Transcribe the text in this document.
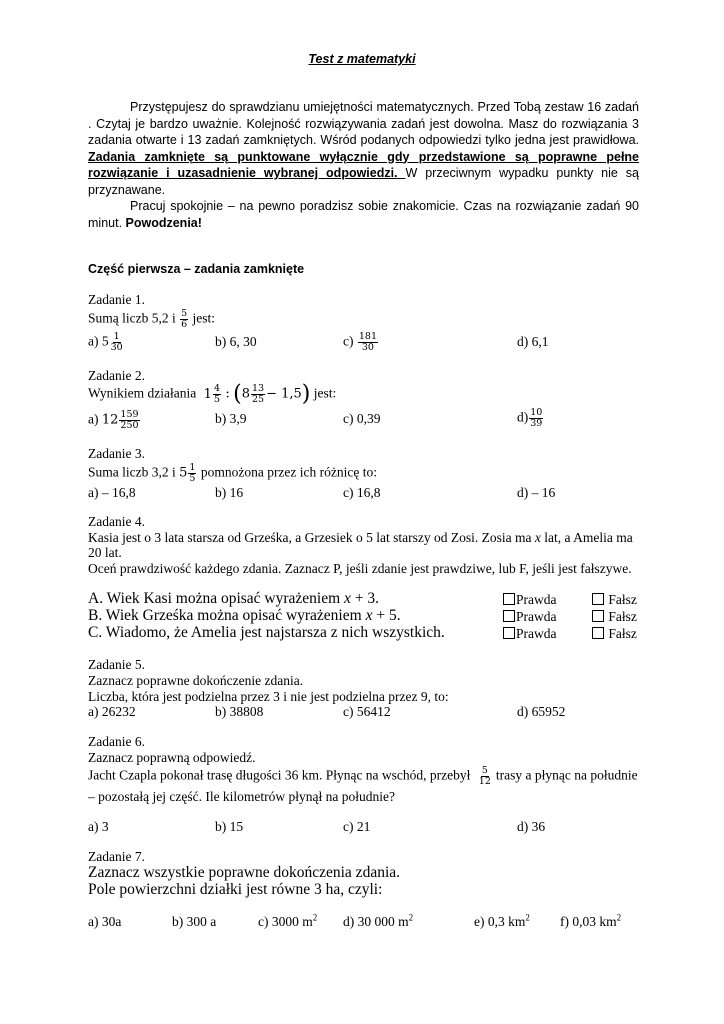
Test z matematyki

Przystępujesz do sprawdzianu umiejętności matematycznych. Przed Tobą zestaw 16 zadań . Czytaj je bardzo uważnie. Kolejność rozwiązywania zadań jest dowolna. Masz do rozwiązania 3 zadania otwarte i 13 zadań zamkniętych. Wśród podanych odpowiedzi tylko jedna jest prawidłowa. Zadania zamknięte są punktowane wyłącznie gdy przedstawione są poprawne pełne rozwiązanie i uzasadnienie wybranej odpowiedzi. W przeciwnym wypadku punkty nie są przyznawane.

Pracuj spokojnie – na pewno poradzisz sobie znakomicie. Czas na rozwiązanie zadań 90 minut. Powodzenia!

Część pierwsza – zadania zamknięte
Zadanie 1.
Sumą liczb 5,2 i $\frac{5}{6}$ jest:
a) $5 \frac{1}{30}$	b) 6, 30	$c) \frac{181}{30}$	d) 6,1
Zadanie 2.
Wynikiem działania $1 \frac{4}{5}$ : $(8 \frac{13}{25} - 1,5)$ jest:
a) $12 \frac{159}{250}$	b) 3,9	c) 0,39	$d) \frac{10}{39}$
Zadanie 3.
Suma liczb 3,2 i $5 \frac{1}{5}$ pomnożona przez ich różnicę to:
a) – 16,8	b) 16	c) 16,8	d) – 16
Zadanie 4.
Kasia jest o 3 lata starsza od Grześka, a Grzesiek o 5 lat starszy od Zosi. Zosia ma x lat, a Amelia ma
20 lat.
Oceń prawdziwość każdego zdania. Zaznacz P, jeśli zdanie jest prawdziwe, lub F, jeśli jest fałszywe.
A. Wiek Kasi można opisać wyrażeniem x + 3.
B. Wiek Grześka można opisać wyrażeniem x + 5.
C. Wiadomo, że Amelia jest najstarsza z nich wszystkich.
Prawda	Fałsz
Prawda	Fałsz
Prawda	Fałsz
Zadanie 5.
Zaznacz poprawne dokończenie zdania.
Liczba, która jest podzielna przez 3 i nie jest podzielna przez 9, to:
a) 26232	b) 38808	c) 56412	d) 65952
Zadanie 6.
Zaznacz poprawną odpowiedź.
Jacht Czapla pokonał trasę długości 36 km. Płynąc na wschód, przebył $\frac{5}{12}$ trasy a płynąc na południe
– pozostałą jej część. Ile kilometrów płynął na południe?
a) 3	b) 15	c) 21	d) 36
Zadanie 7.
Zaznacz wszystkie poprawne dokończenia zdania.
Pole powierzchni działki jest równe 3 ha, czyli:
a) 30a	b) 300 a	c) 3000 $m^2$ d) 30 000 $m^2$	e) 0,3 $km^2$ f) 0,03 $km^2$
